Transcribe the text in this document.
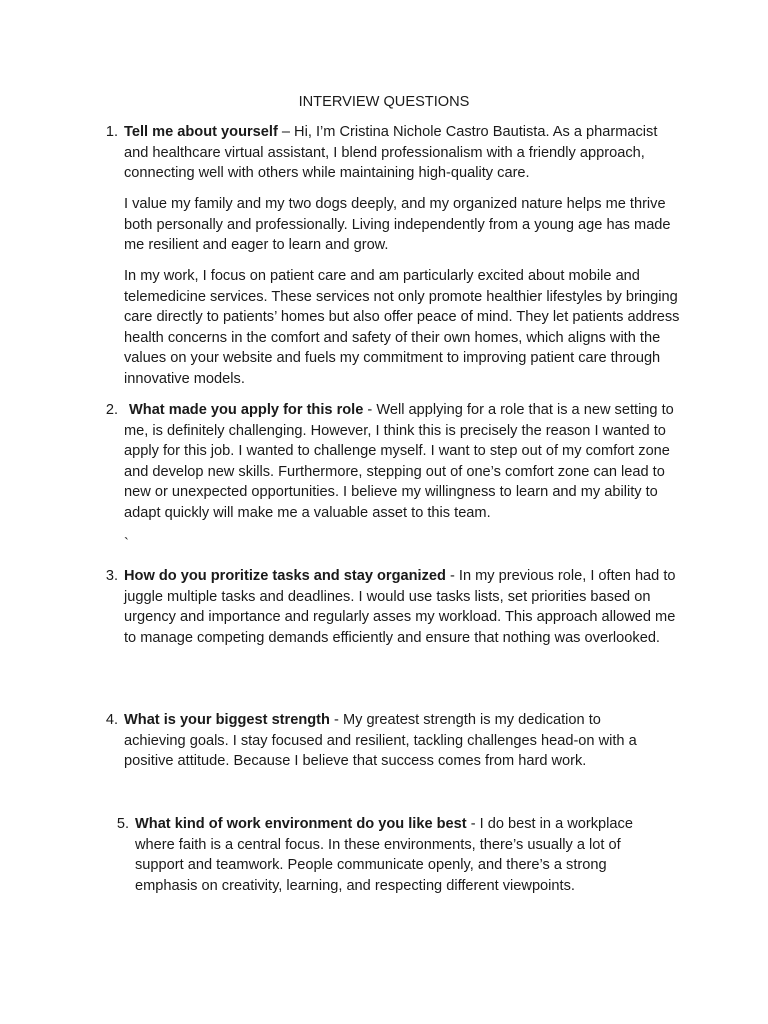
INTERVIEW QUESTIONS
1. Tell me about yourself – Hi, I’m Cristina Nichole Castro Bautista. As a pharmacist and healthcare virtual assistant, I blend professionalism with a friendly approach, connecting well with others while maintaining high-quality care.

I value my family and my two dogs deeply, and my organized nature helps me thrive both personally and professionally. Living independently from a young age has made me resilient and eager to learn and grow.

In my work, I focus on patient care and am particularly excited about mobile and telemedicine services. These services not only promote healthier lifestyles by bringing care directly to patients’ homes but also offer peace of mind. They let patients address health concerns in the comfort and safety of their own homes, which aligns with the values on your website and fuels my commitment to improving patient care through innovative models.

2. What made you apply for this role - Well applying for a role that is a new setting to me, is definitely challenging. However, I think this is precisely the reason I wanted to apply for this job. I wanted to challenge myself. I want to step out of my comfort zone and develop new skills. Furthermore, stepping out of one’s comfort zone can lead to new or unexpected opportunities. I believe my willingness to learn and my ability to adapt quickly will make me a valuable asset to this team.

`
3. How do you proritize tasks and stay organized - In my previous role, I often had to juggle multiple tasks and deadlines. I would use tasks lists, set priorities based on urgency and importance and regularly asses my workload. This approach allowed me to manage competing demands efficiently and ensure that nothing was overlooked.

4. What is your biggest strength - My greatest strength is my dedication to achieving goals. I stay focused and resilient, tackling challenges head-on with a positive attitude. Because I believe that success comes from hard work.

5. What kind of work environment do you like best - I do best in a workplace where faith is a central focus. In these environments, there’s usually a lot of support and teamwork. People communicate openly, and there’s a strong emphasis on creativity, learning, and respecting different viewpoints.
